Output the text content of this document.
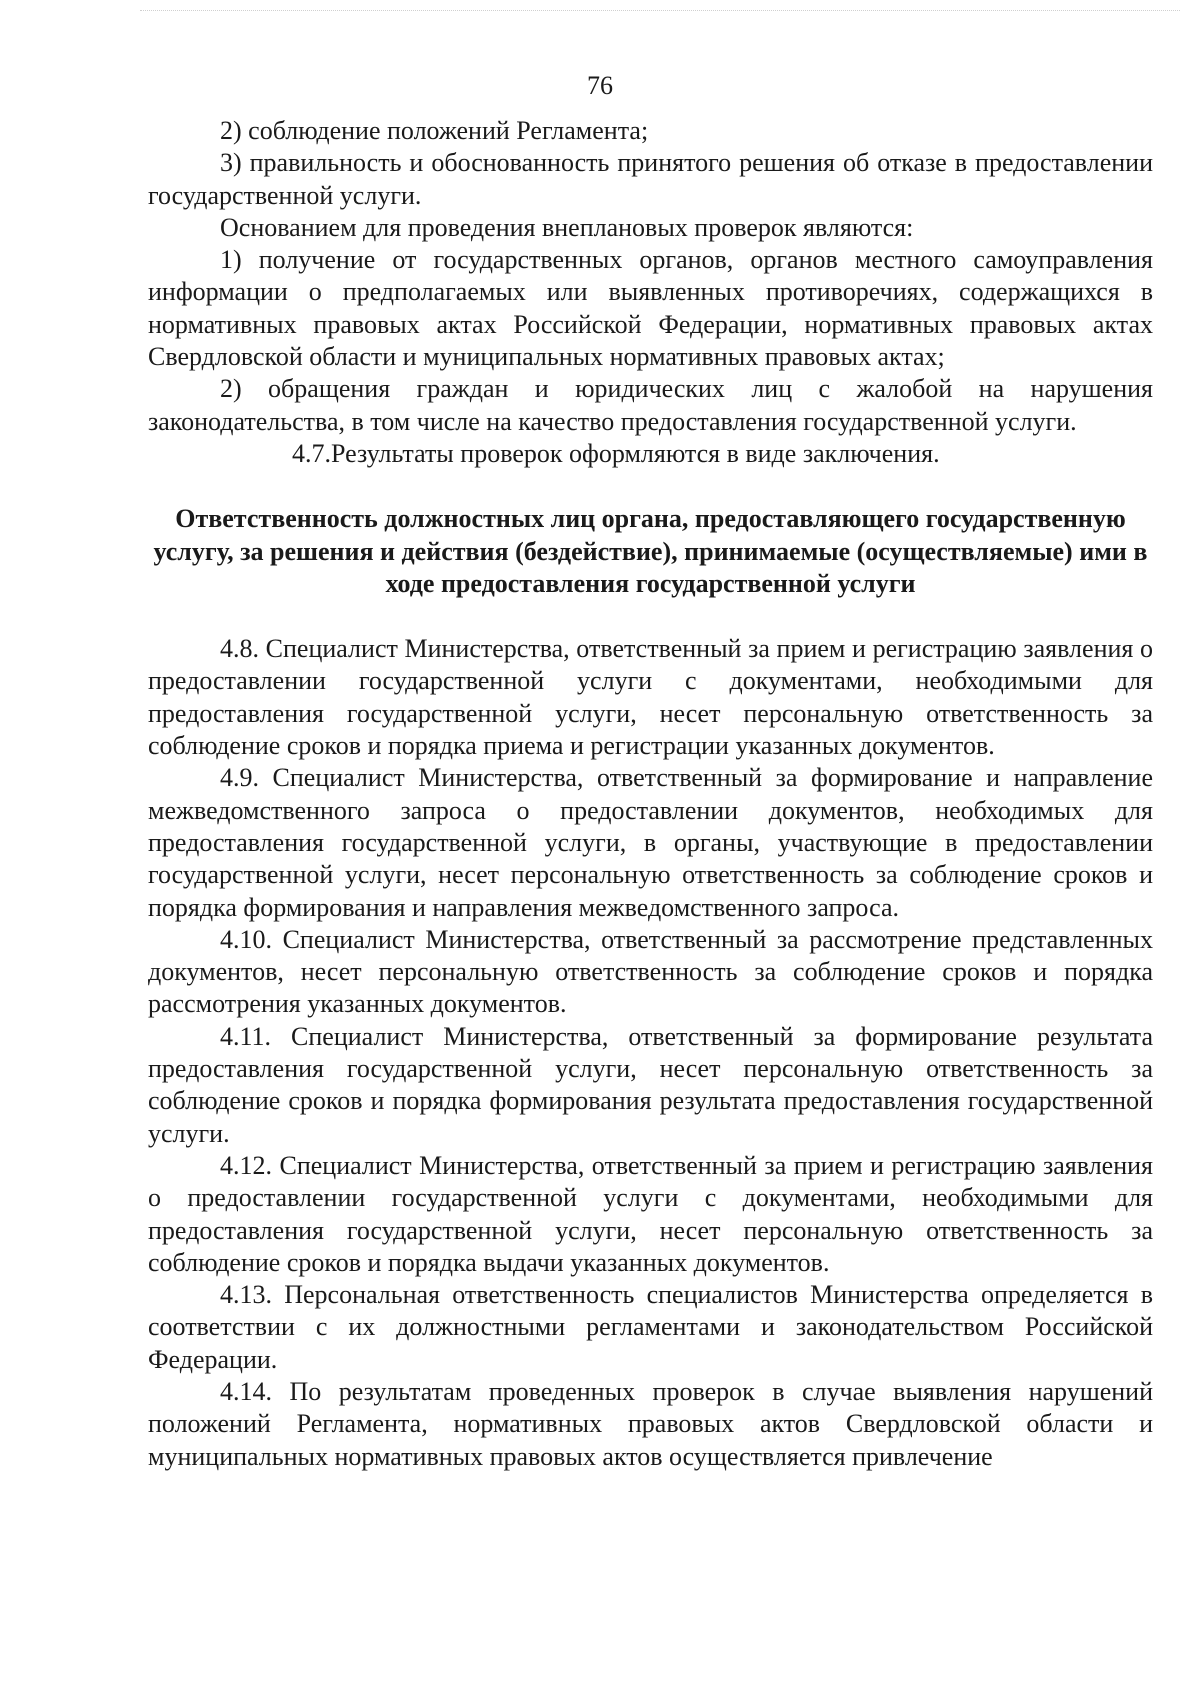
76

2) соблюдение положений Регламента;

3) правильность и обоснованность принятого решения об отказе в предоставлении государственной услуги.

Основанием для проведения внеплановых проверок являются:

1) получение от государственных органов, органов местного самоуправления информации о предполагаемых или выявленных противоречиях, содержащихся в нормативных правовых актах Российской Федерации, нормативных правовых актах Свердловской области и муниципальных нормативных правовых актах;

2) обращения граждан и юридических лиц с жалобой на нарушения законодательства, в том числе на качество предоставления государственной услуги.

4.7.Результаты проверок оформляются в виде заключения.

Ответственность должностных лиц органа, предоставляющего государственную услугу, за решения и действия (бездействие), принимаемые (осуществляемые) ими в ходе предоставления государственной услуги

4.8. Специалист Министерства, ответственный за прием и регистрацию заявления о предоставлении государственной услуги с документами, необходимыми для предоставления государственной услуги, несет персональную ответственность за соблюдение сроков и порядка приема и регистрации указанных документов.

4.9. Специалист Министерства, ответственный за формирование и направление межведомственного запроса о предоставлении документов, необходимых для предоставления государственной услуги, в органы, участвующие в предоставлении государственной услуги, несет персональную ответственность за соблюдение сроков и порядка формирования и направления межведомственного запроса.

4.10. Специалист Министерства, ответственный за рассмотрение представленных документов, несет персональную ответственность за соблюдение сроков и порядка рассмотрения указанных документов.

4.11. Специалист Министерства, ответственный за формирование результата предоставления государственной услуги, несет персональную ответственность за соблюдение сроков и порядка формирования результата предоставления государственной услуги.

4.12. Специалист Министерства, ответственный за прием и регистрацию заявления о предоставлении государственной услуги с документами, необходимыми для предоставления государственной услуги, несет персональную ответственность за соблюдение сроков и порядка выдачи указанных документов.

4.13. Персональная ответственность специалистов Министерства определяется в соответствии с их должностными регламентами и законодательством Российской Федерации.

4.14. По результатам проведенных проверок в случае выявления нарушений положений Регламента, нормативных правовых актов Свердловской области и муниципальных нормативных правовых актов осуществляется привлечение
